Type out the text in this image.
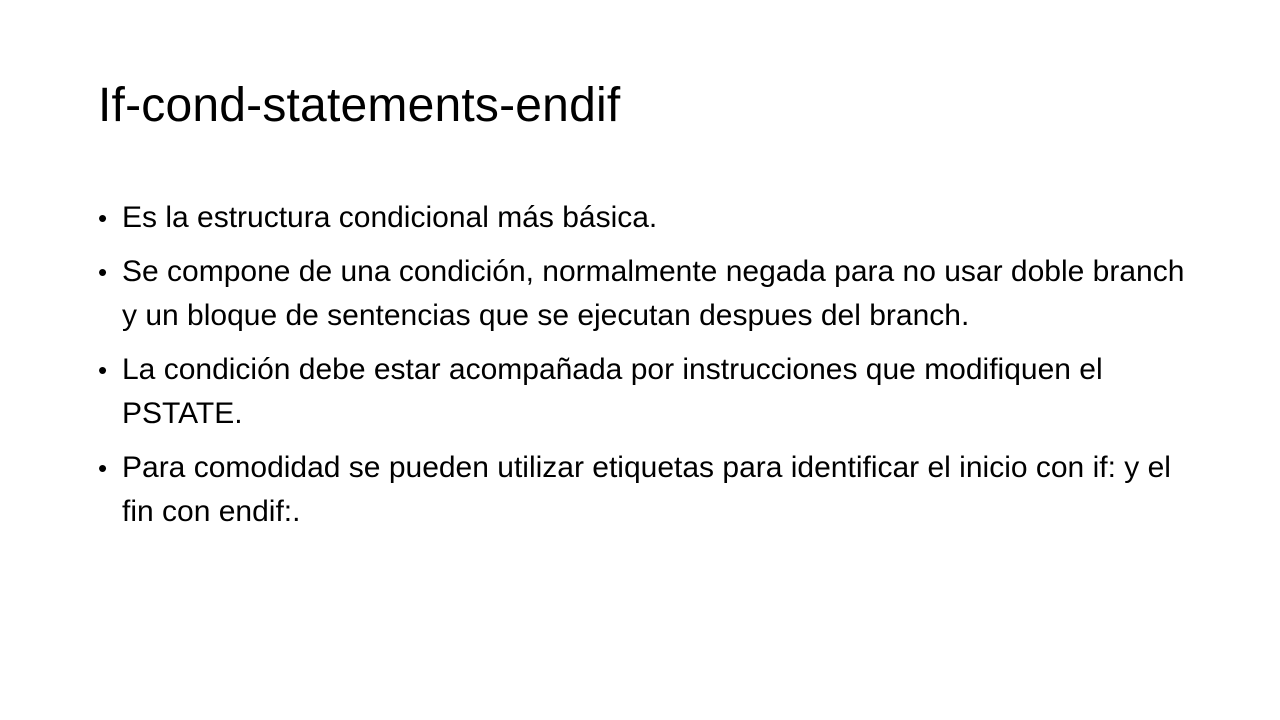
If-cond-statements-endif
• Es la estructura condicional más básica.
• Se compone de una condición, normalmente negada para no usar doble branch y un bloque de sentencias que se ejecutan despues del branch.
• La condición debe estar acompañada por instrucciones que modifiquen el PSTATE.
• Para comodidad se pueden utilizar etiquetas para identificar el inicio con if: y el fin con endif:.
